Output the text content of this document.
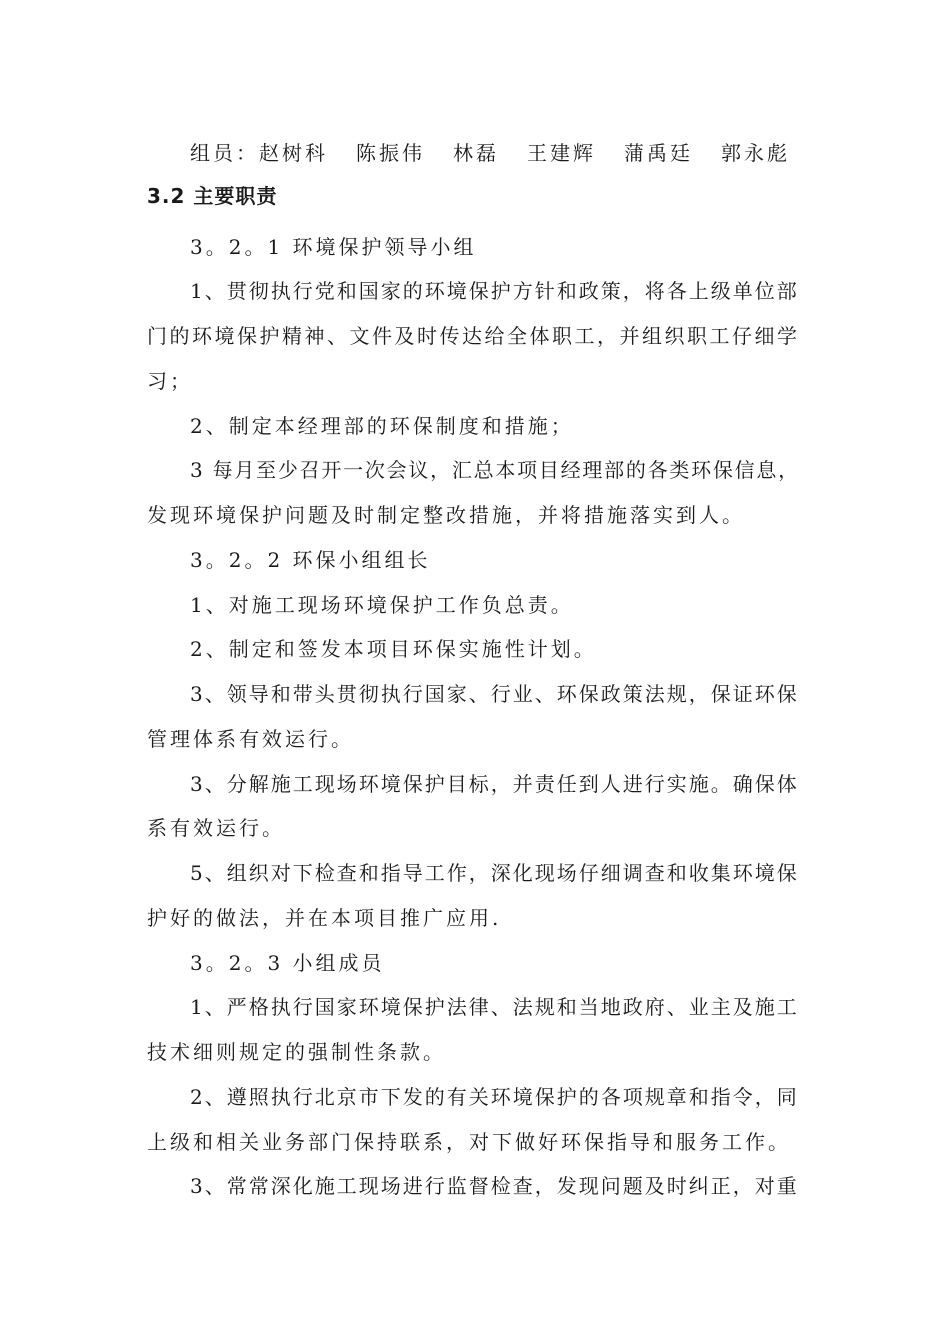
组员：赵树科 陈振伟 林磊 王建辉 蒲禹廷 郭永彪
3.2 主要职责
3。2。1 环境保护领导小组
1、贯彻执行党和国家的环境保护方针和政策，将各上级单位部
门的环境保护精神、文件及时传达给全体职工，并组织职工仔细学
习；
2、制定本经理部的环保制度和措施；
3 每月至少召开一次会议，汇总本项目经理部的各类环保信息，
发现环境保护问题及时制定整改措施，并将措施落实到人。
3。2。2 环保小组组长
1、对施工现场环境保护工作负总责。
2、制定和签发本项目环保实施性计划。
3、领导和带头贯彻执行国家、行业、环保政策法规，保证环保
管理体系有效运行。
3、分解施工现场环境保护目标，并责任到人进行实施。确保体
系有效运行。
5、组织对下检查和指导工作，深化现场仔细调查和收集环境保
护好的做法，并在本项目推广应用.
3。2。3 小组成员
1、严格执行国家环境保护法律、法规和当地政府、业主及施工
技术细则规定的强制性条款。
2、遵照执行北京市下发的有关环境保护的各项规章和指令，同
上级和相关业务部门保持联系，对下做好环保指导和服务工作。
3、常常深化施工现场进行监督检查，发现问题及时纠正，对重
